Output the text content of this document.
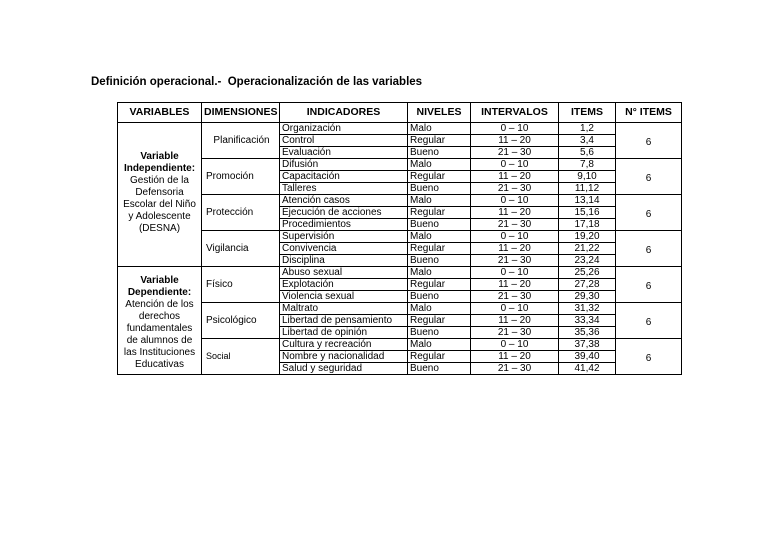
Definición operacional.-  Operacionalización de las variables
VARIABLES	DIMENSIONES	INDICADORES	NIVELES	INTERVALOS	ITEMS	N° ITEMS

Variable Independiente:
Gestión de la Defensoria Escolar del Niño y Adolescente (DESNA)	Planificación	Organización	Malo	0 – 10	1,2	6
		Control	Regular	11 – 20	3,4	
		Evaluación	Bueno	21 – 30	5,6	
	Promoción	Difusión	Malo	0 – 10	7,8	6
		Capacitación	Regular	11 – 20	9,10	
		Talleres	Bueno	21 – 30	11,12	
	Protección	Atención casos	Malo	0 – 10	13,14	6
		Ejecución de acciones	Regular	11 – 20	15,16	
		Procedimientos	Bueno	21 – 30	17,18	
	Vigilancia	Supervisión	Malo	0 – 10	19,20	6
		Convivencia	Regular	11 – 20	21,22	
		Disciplina	Bueno	21 – 30	23,24	

Variable Dependiente:
Atención de los derechos fundamentales de alumnos de las Instituciones Educativas	Físico	Abuso sexual	Malo	0 – 10	25,26	6
		Explotación	Regular	11 – 20	27,28	
		Violencia sexual	Bueno	21 – 30	29,30	
	Psicológico	Maltrato	Malo	0 – 10	31,32	6
		Libertad de pensamiento	Regular	11 – 20	33,34	
		Libertad de opinión	Bueno	21 – 30	35,36	
	Social	Cultura y recreación	Malo	0 – 10	37,38	6
		Nombre y nacionalidad	Regular	11 – 20	39,40	
		Salud y seguridad	Bueno	21 – 30	41,42	
